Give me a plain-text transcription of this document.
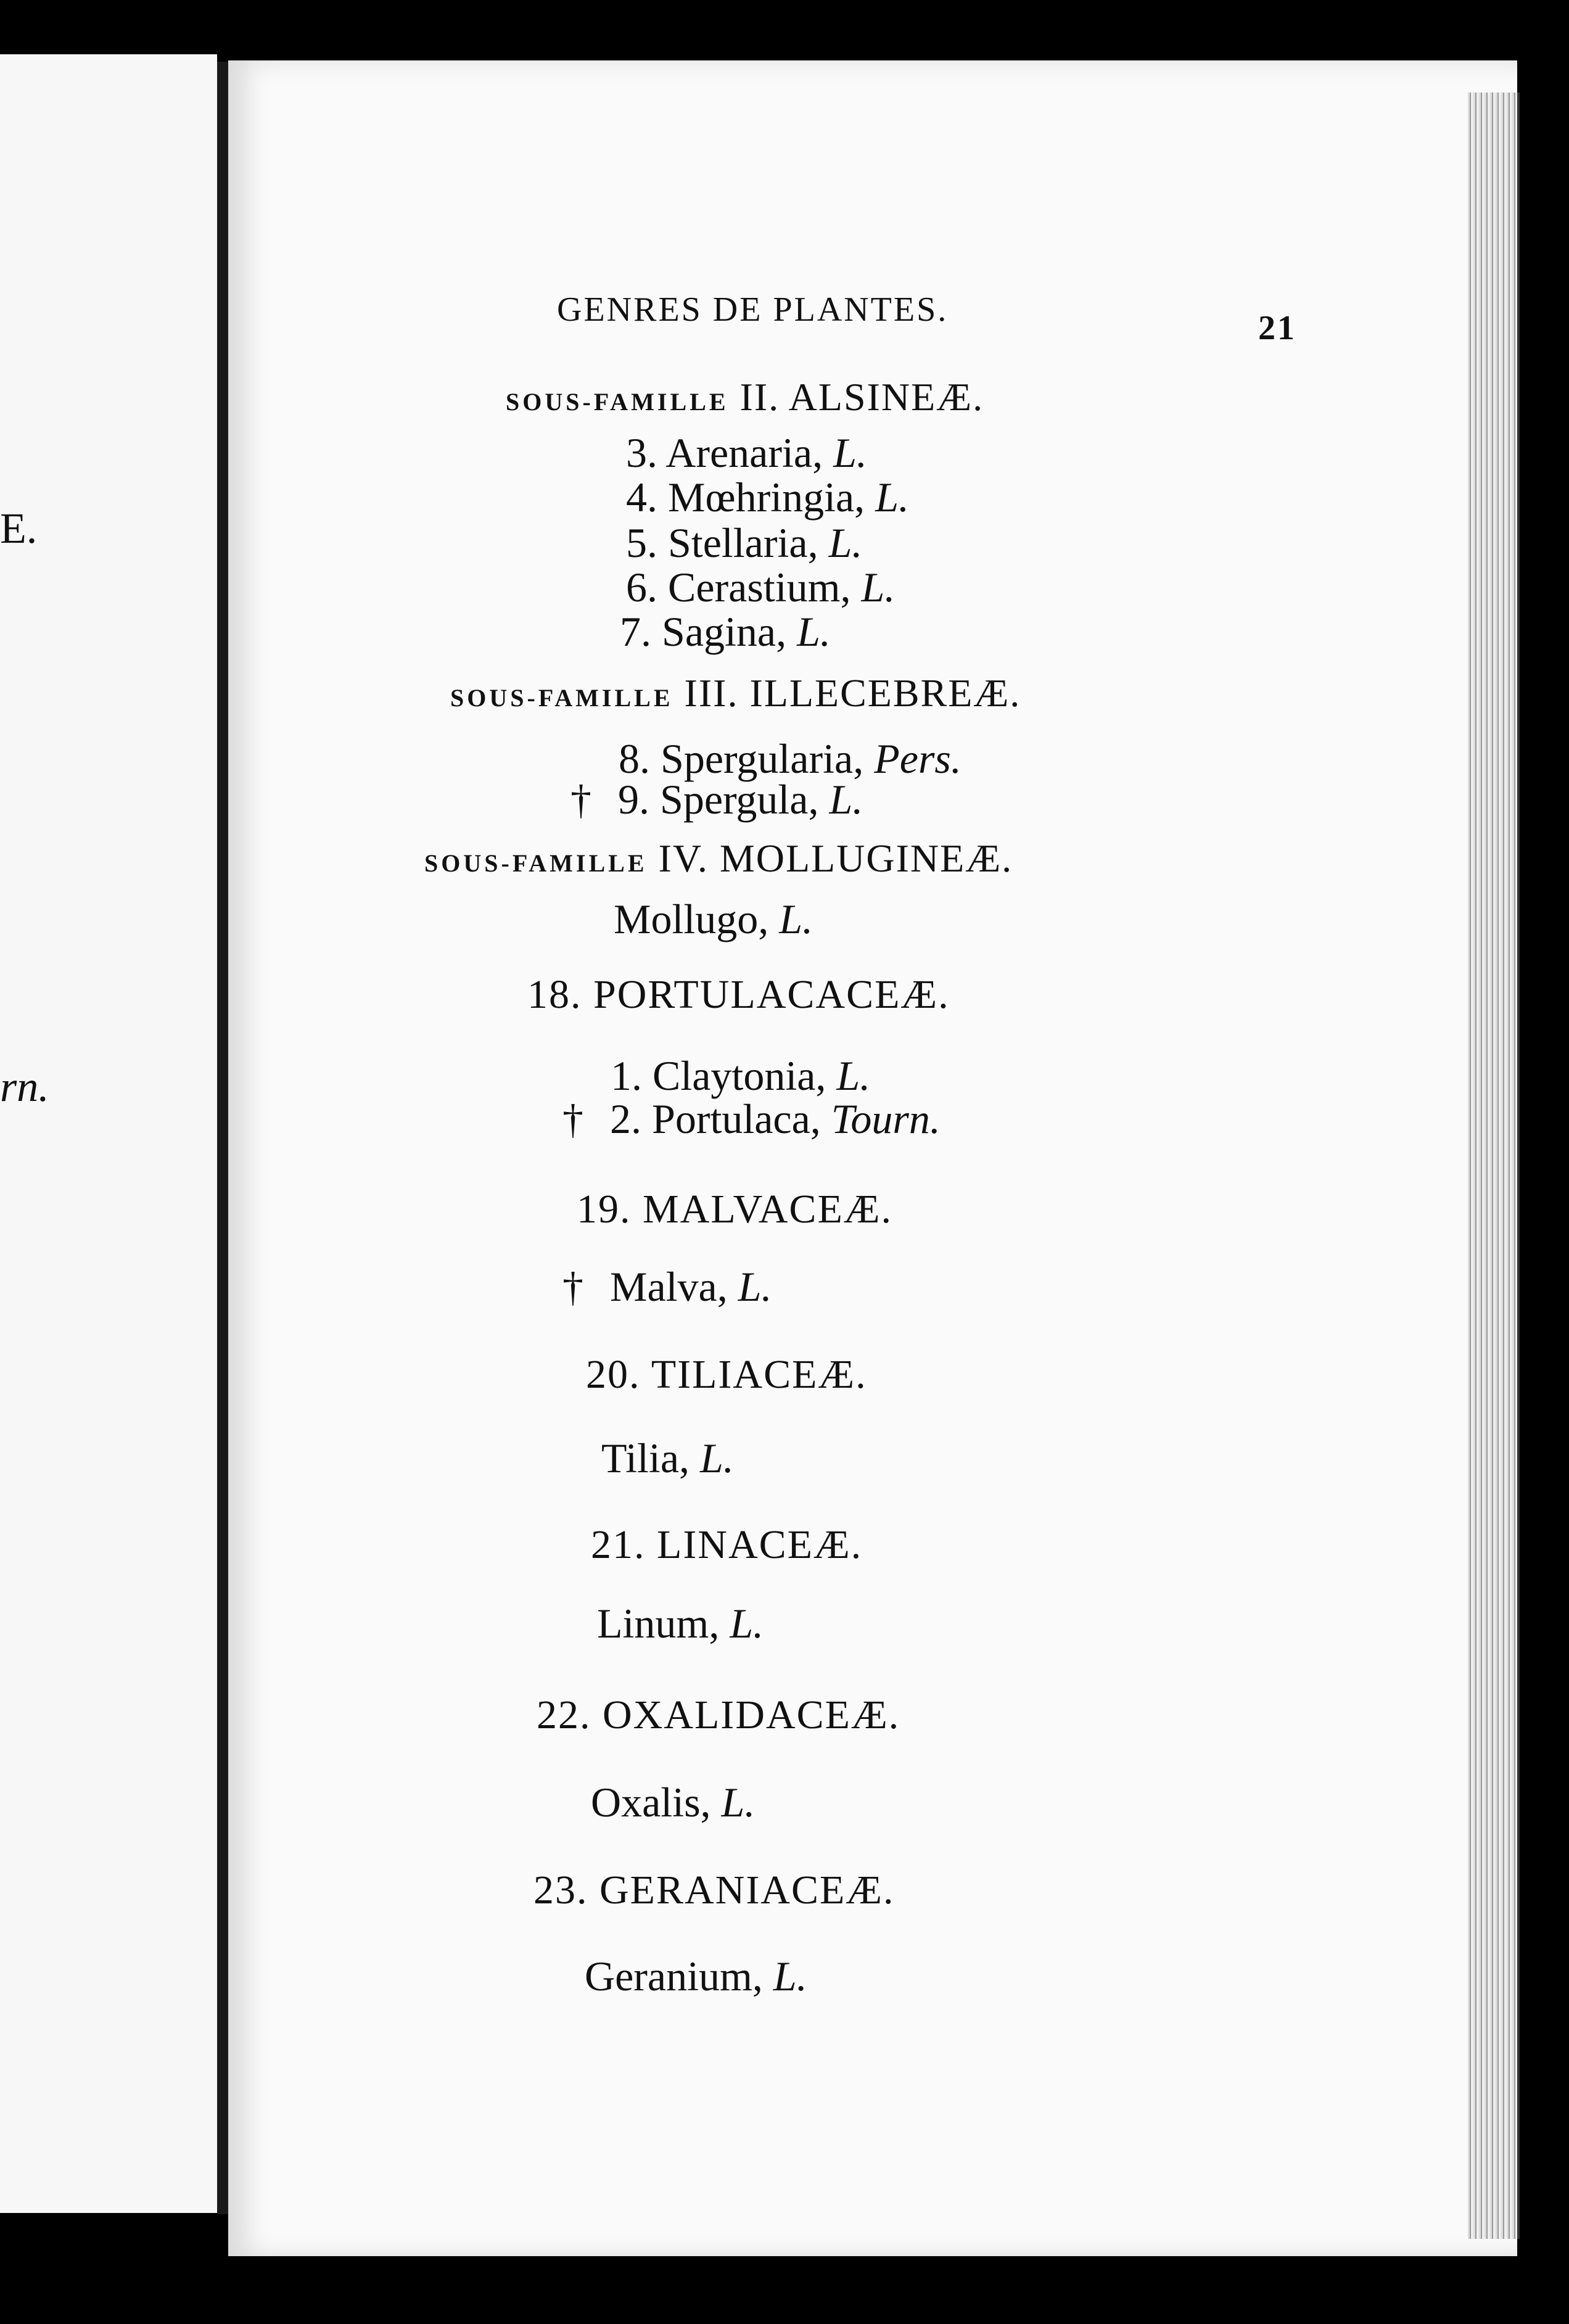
E.
rn.
GENRES DE PLANTES.	21
SOUS-FAMILLE II. ALSINEÆ.
3. Arenaria, L.
4. Mœhringia, L.
5. Stellaria, L.
6. Cerastium, L.
7. Sagina, L.
SOUS-FAMILLE III. ILLECEBREÆ.
8. Spergularia, Pers.
† 9. Spergula, L.
SOUS-FAMILLE IV. MOLLUGINEÆ.
Mollugo, L.
18. PORTULACACEÆ.
1. Claytonia, L.
† 2. Portulaca, Tourn.
19. MALVACEÆ.
† Malva, L.
20. TILIACEÆ.
Tilia, L.
21. LINACEÆ.
Linum, L.
22. OXALIDACEÆ.
Oxalis, L.
23. GERANIACEÆ.
Geranium, L.
